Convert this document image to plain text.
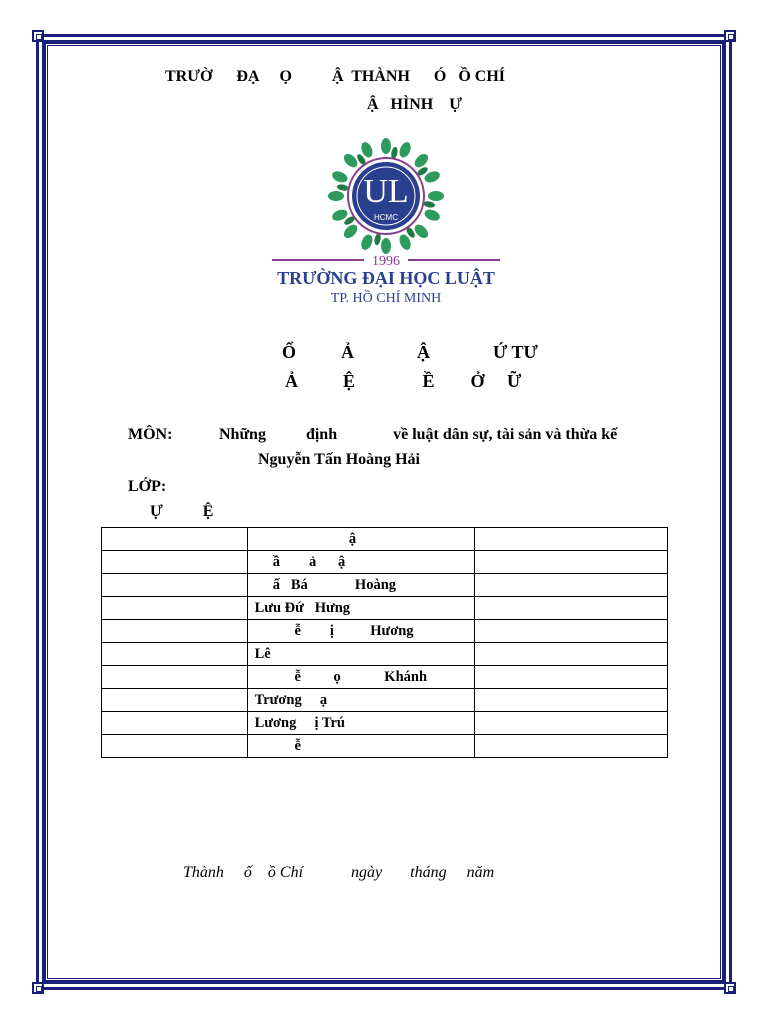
TRƯỜ      ĐẠ     Ọ          Ậ  THÀNH      Ó   Ồ CHÍ
Ậ   HÌNH    Ự
UL
HCMC
1996
TRƯỜNG ĐẠI HỌC LUẬT
TP. HỒ CHÍ MINH
Ổ          Ả              Ậ              Ứ TƯ
Ả          Ệ               Ề        Ở     Ữ
MÔN:	Những          định              về luật dân sự, tài sản và thừa kế
Nguyễn Tấn Hoàng Hải
LỚP:
Ự          Ệ
	ậ	
	ầ        ả      ậ	
	ấ   Bá             Hoàng	
	Lưu Đứ   Hưng	
	ễ        ị          Hương	
	Lê	
	ễ         ọ            Khánh	
	Trương     ạ	
	Lương     ị Trú	
	ễ	
Thành     ố    ồ Chí            ngày       tháng     năm
